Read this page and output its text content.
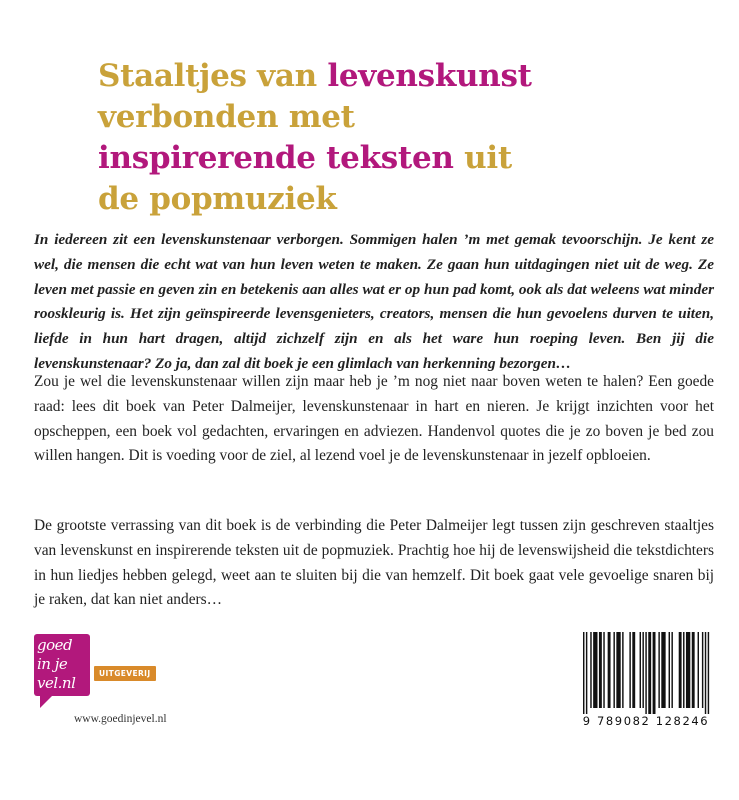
Staaltjes van levenskunst
verbonden met
inspirerende teksten uit
de popmuziek

In iedereen zit een levenskunstenaar verborgen. Sommigen halen ’m met gemak tevoorschijn. Je kent ze wel, die mensen die echt wat van hun leven weten te maken. Ze gaan hun uitdagingen niet uit de weg. Ze leven met passie en geven zin en betekenis aan alles wat er op hun pad komt, ook als dat weleens wat minder rooskleurig is. Het zijn geïnspireerde levensgenieters, creators, mensen die hun gevoelens durven te uiten, liefde in hun hart dragen, altijd zichzelf zijn en als het ware hun roeping leven. Ben jij die levenskunstenaar? Zo ja, dan zal dit boek je een glimlach van herkenning bezorgen…

Zou je wel die levenskunstenaar willen zijn maar heb je ’m nog niet naar boven weten te halen? Een goede raad: lees dit boek van Peter Dalmeijer, levenskunstenaar in hart en nieren. Je krijgt inzichten voor het opscheppen, een boek vol gedachten, ervaringen en adviezen. Handenvol quotes die je zo boven je bed zou willen hangen. Dit is voeding voor de ziel, al lezend voel je de levenskunstenaar in jezelf opbloeien.

De grootste verrassing van dit boek is de verbinding die Peter Dalmeijer legt tussen zijn geschreven staaltjes van levenskunst en inspirerende teksten uit de popmuziek. Prachtig hoe hij de levenswijsheid die tekstdichters in hun liedjes hebben gelegd, weet aan te sluiten bij die van hemzelf. Dit boek gaat vele gevoelige snaren bij je raken, dat kan niet anders…

goed
in je
vel.nl
UITGEVERIJ
www.goedinjevel.nl	9 789082 128246
